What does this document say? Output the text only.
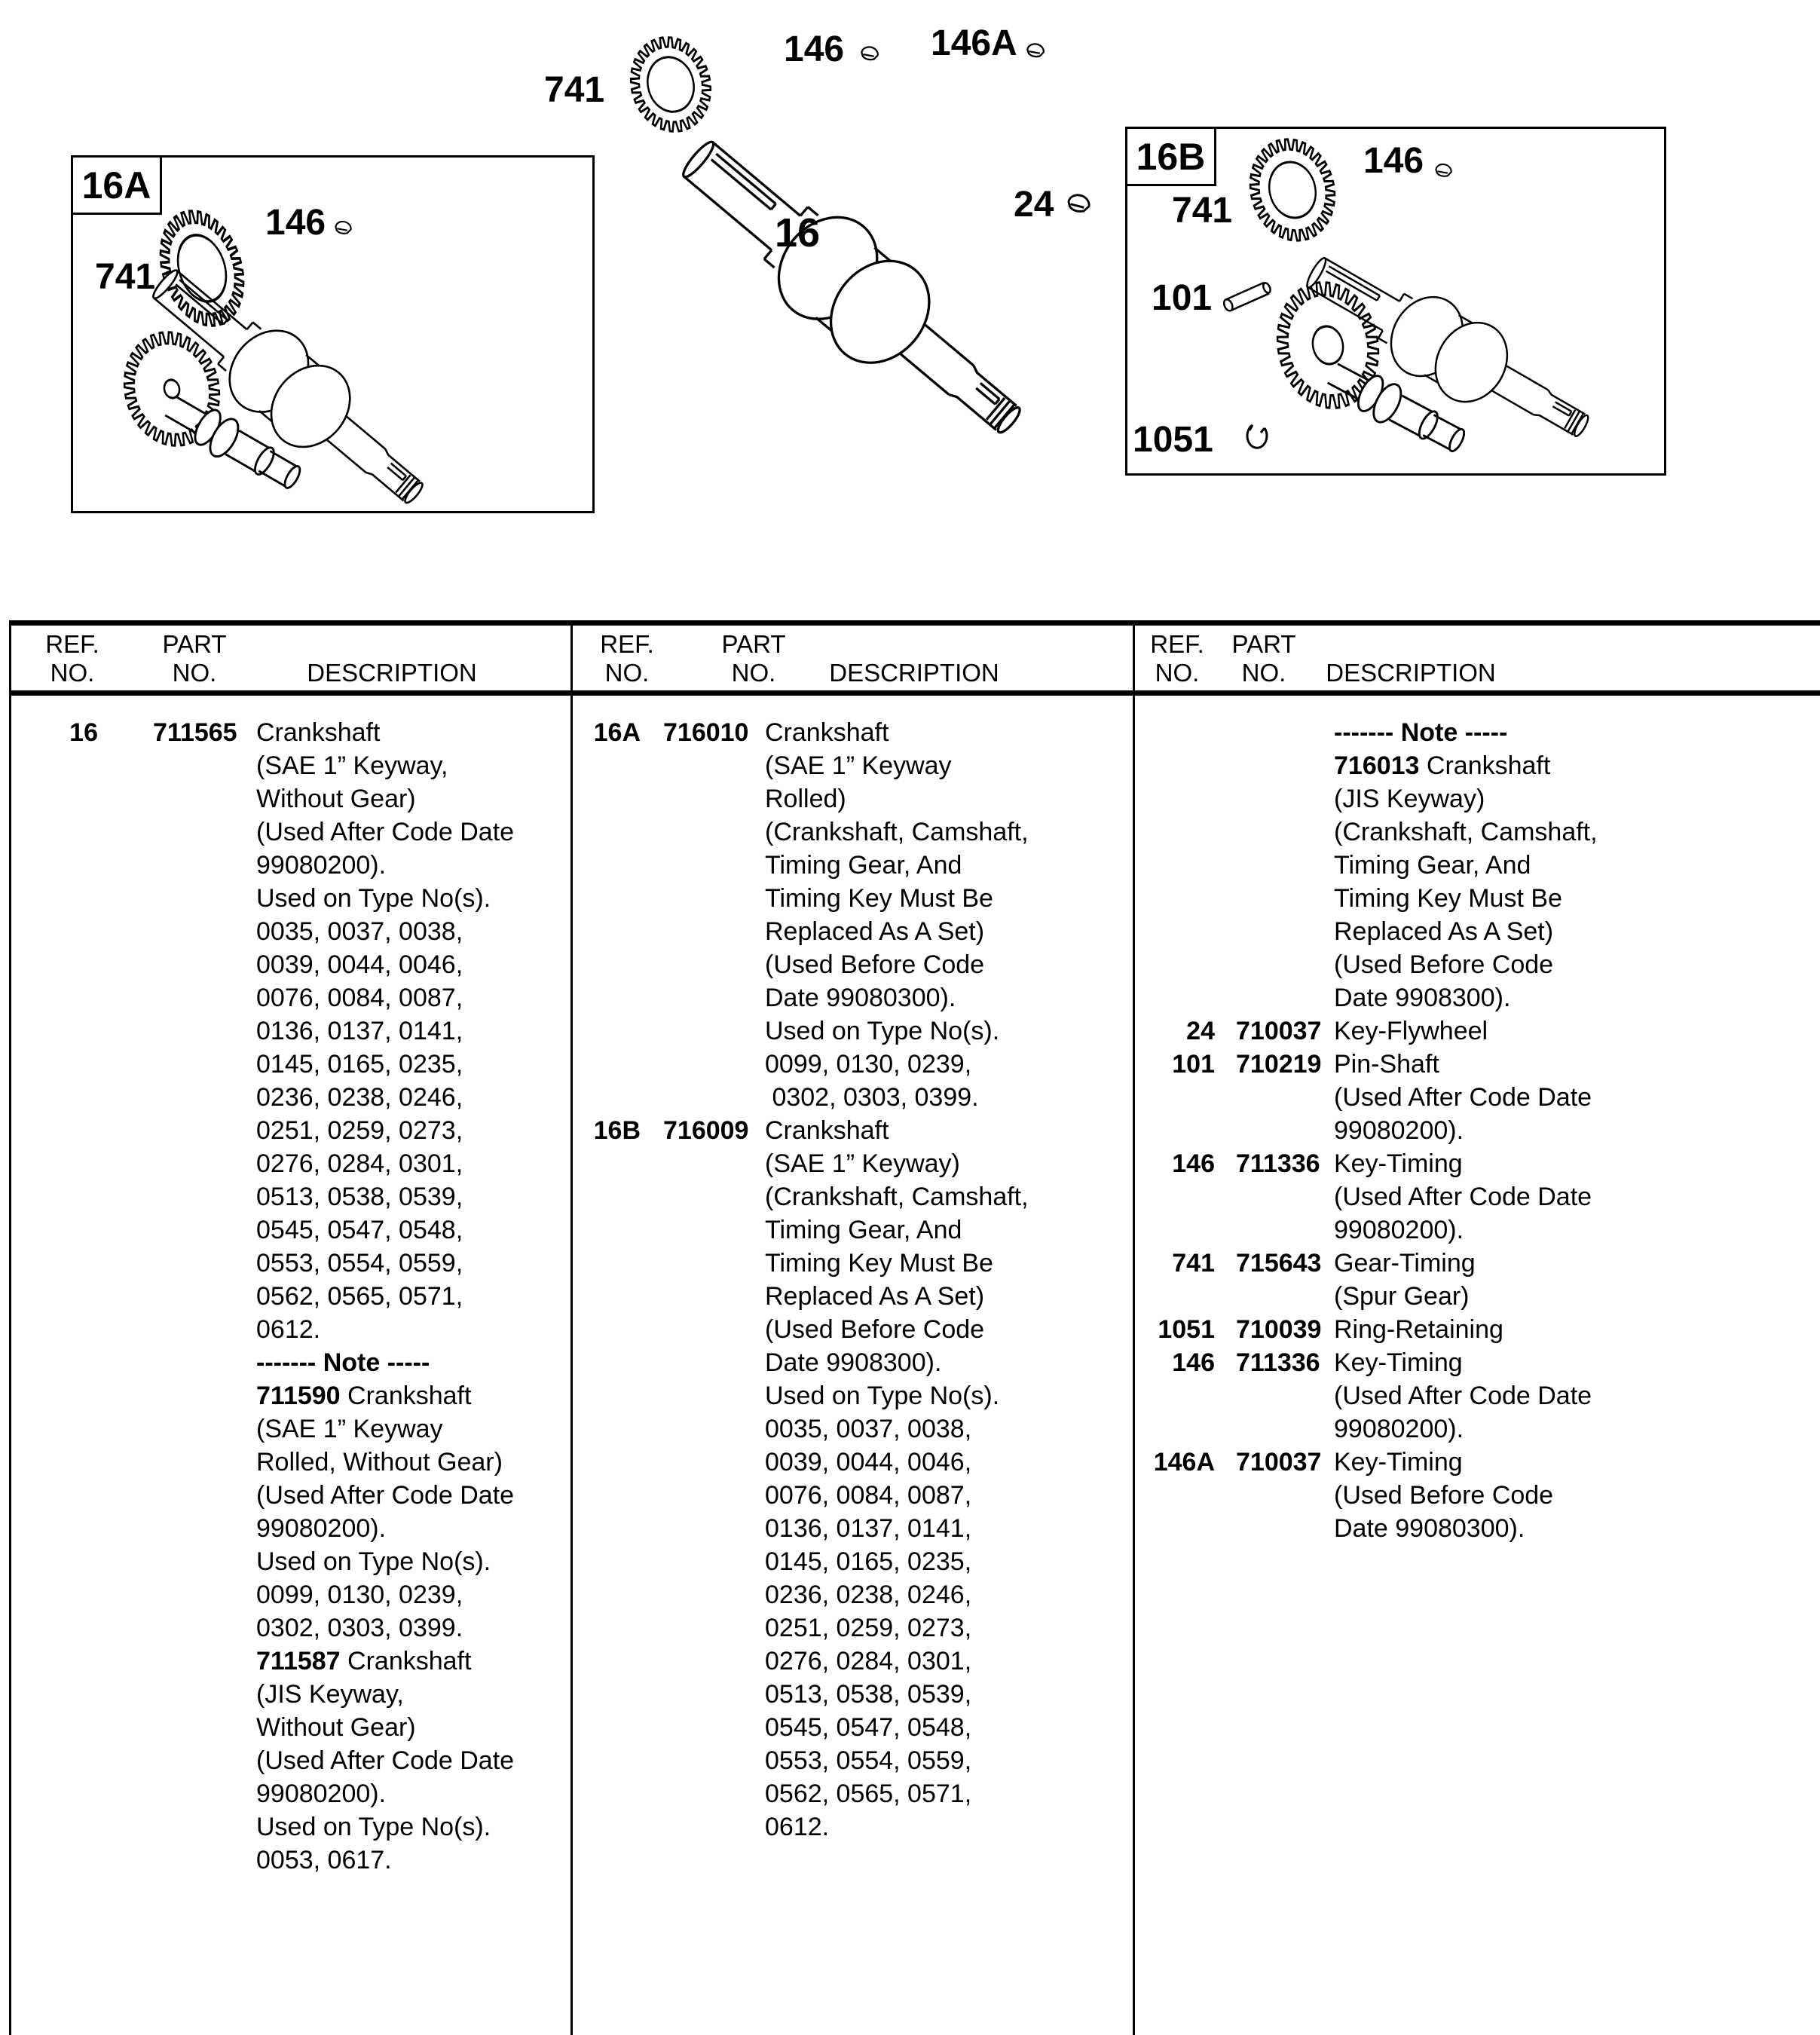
16A
741
146
741
146 146A
16
24
16B
741
146
101
1051
REF.
NO.
PART
NO.	DESCRIPTION
REF.
NO.
PART
NO. DESCRIPTION
REF.
NO.
PART
NO. DESCRIPTION
16 711565 Crankshaft
(SAE 1” Keyway,
Without Gear)
(Used After Code Date
99080200).
Used on Type No(s).
0035, 0037, 0038,
0039, 0044, 0046,
0076, 0084, 0087,
0136, 0137, 0141,
0145, 0165, 0235,
0236, 0238, 0246,
0251, 0259, 0273,
0276, 0284, 0301,
0513, 0538, 0539,
0545, 0547, 0548,
0553, 0554, 0559,
0562, 0565, 0571,
0612.
------- Note -----
711590 Crankshaft
(SAE 1” Keyway
Rolled, Without Gear)
(Used After Code Date
99080200).
Used on Type No(s).
0099, 0130, 0239,
0302, 0303, 0399.
711587 Crankshaft
(JIS Keyway,
Without Gear)
(Used After Code Date
99080200).
Used on Type No(s).
0053, 0617.
16A 716010 Crankshaft
(SAE 1” Keyway
Rolled)
(Crankshaft, Camshaft,
Timing Gear, And
Timing Key Must Be
Replaced As A Set)
(Used Before Code
Date 99080300).
Used on Type No(s).
0099, 0130, 0239,
0302, 0303, 0399.
16B 716009 Crankshaft
(SAE 1” Keyway)
(Crankshaft, Camshaft,
Timing Gear, And
Timing Key Must Be
Replaced As A Set)
(Used Before Code
Date 9908300).
Used on Type No(s).
0035, 0037, 0038,
0039, 0044, 0046,
0076, 0084, 0087,
0136, 0137, 0141,
0145, 0165, 0235,
0236, 0238, 0246,
0251, 0259, 0273,
0276, 0284, 0301,
0513, 0538, 0539,
0545, 0547, 0548,
0553, 0554, 0559,
0562, 0565, 0571,
0612.
------- Note -----
716013 Crankshaft
(JIS Keyway)
(Crankshaft, Camshaft,
Timing Gear, And
Timing Key Must Be
Replaced As A Set)
(Used Before Code
Date 9908300).
24 710037 Key-Flywheel
101 710219 Pin-Shaft
(Used After Code Date
99080200).
146 711336 Key-Timing
(Used After Code Date
99080200).
741 715643 Gear-Timing
(Spur Gear)
1051 710039 Ring-Retaining
146 711336 Key-Timing
(Used After Code Date
99080200).
146A 710037 Key-Timing
(Used Before Code
Date 99080300).
